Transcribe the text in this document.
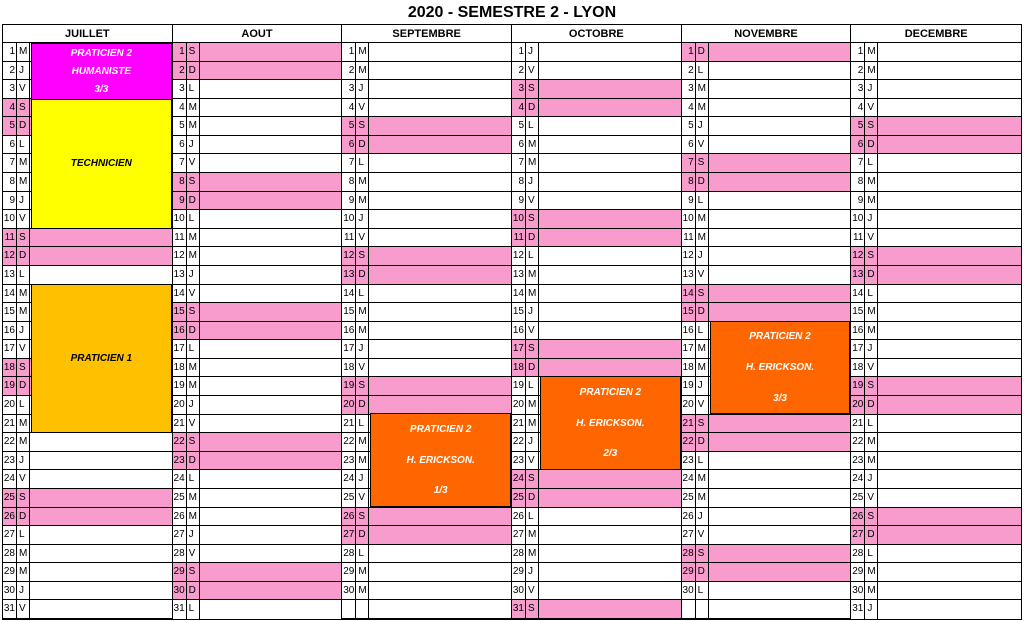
2020 - SEMESTRE 2 - LYON
JUILLET
1 M
2 J
3 V
4 S
5 D
6 L
7 M
8 M
9 J
10 V
11 S
12 D
13 L
14 M
15 M
16 J
17 V
18 S
19 D
20 L
21 M
22 M
23 J
24 V
25 S
26 D
27 L
28 M
29 M
30 J
31 V
PRATICIEN 2
HUMANISTE
3/3
TECHNICIEN
PRATICIEN 1
AOUT
1 S
2 D
3 L
4 M
5 M
6 J
7 V
8 S
9 D
10 L
11 M
12 M
13 J
14 V
15 S
16 D
17 L
18 M
19 M
20 J
21 V
22 S
23 D
24 L
25 M
26 M
27 J
28 V
29 S
30 D
31 L
SEPTEMBRE
1 M
2 M
3 J
4 V
5 S
6 D
7 L
8 M
9 M
10 J
11 V
12 S
13 D
14 L
15 M
16 M
17 J
18 V
19 S
20 D
21 L
22 M
23 M
24 J
25 V
26 S
27 D
28 L
29 M
30 M
PRATICIEN 2
H. ERICKSON.
1/3
OCTOBRE
1 J
2 V
3 S
4 D
5 L
6 M
7 M
8 J
9 V
10 S
11 D
12 L
13 M
14 M
15 J
16 V
17 S
18 D
19 L
20 M
21 M
22 J
23 V
24 S
25 D
26 L
27 M
28 M
29 J
30 V
31 S
PRATICIEN 2
H. ERICKSON.
2/3
NOVEMBRE
1 D
2 L
3 M
4 M
5 J
6 V
7 S
8 D
9 L
10 M
11 M
12 J
13 V
14 S
15 D
16 L
17 M
18 M
19 J
20 V
21 S
22 D
23 L
24 M
25 M
26 J
27 V
28 S
29 D
30 L
PRATICIEN 2
H. ERICKSON.
3/3
DECEMBRE
1 M
2 M
3 J
4 V
5 S
6 D
7 L
8 M
9 M
10 J
11 V
12 S
13 D
14 L
15 M
16 M
17 J
18 V
19 S
20 D
21 L
22 M
23 M
24 J
25 V
26 S
27 D
28 L
29 M
30 M
31 J
